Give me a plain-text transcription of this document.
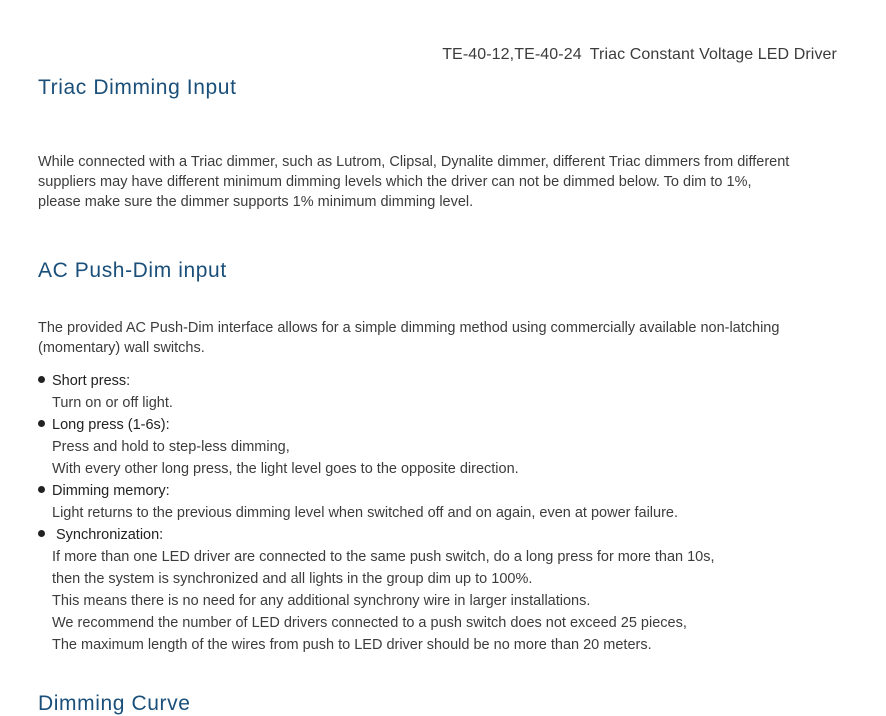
TE-40-12,TE-40-24 Triac Constant Voltage LED Driver
Triac Dimming Input

While connected with a Triac dimmer, such as Lutrom, Clipsal, Dynalite dimmer, different Triac dimmers from different
suppliers may have different minimum dimming levels which the driver can not be dimmed below. To dim to 1%,
please make sure the dimmer supports 1% minimum dimming level.

AC Push-Dim input

The provided AC Push-Dim interface allows for a simple dimming method using commercially available non-latching
(momentary) wall switchs.

Short press:
Turn on or off light.
Long press (1-6s):
Press and hold to step-less dimming,
With every other long press, the light level goes to the opposite direction.
Dimming memory:
Light returns to the previous dimming level when switched off and on again, even at power failure.
Synchronization:
If more than one LED driver are connected to the same push switch, do a long press for more than 10s,
then the system is synchronized and all lights in the group dim up to 100%.
This means there is no need for any additional synchrony wire in larger installations.
We recommend the number of LED drivers connected to a push switch does not exceed 25 pieces,
The maximum length of the wires from push to LED driver should be no more than 20 meters.
Dimming Curve
